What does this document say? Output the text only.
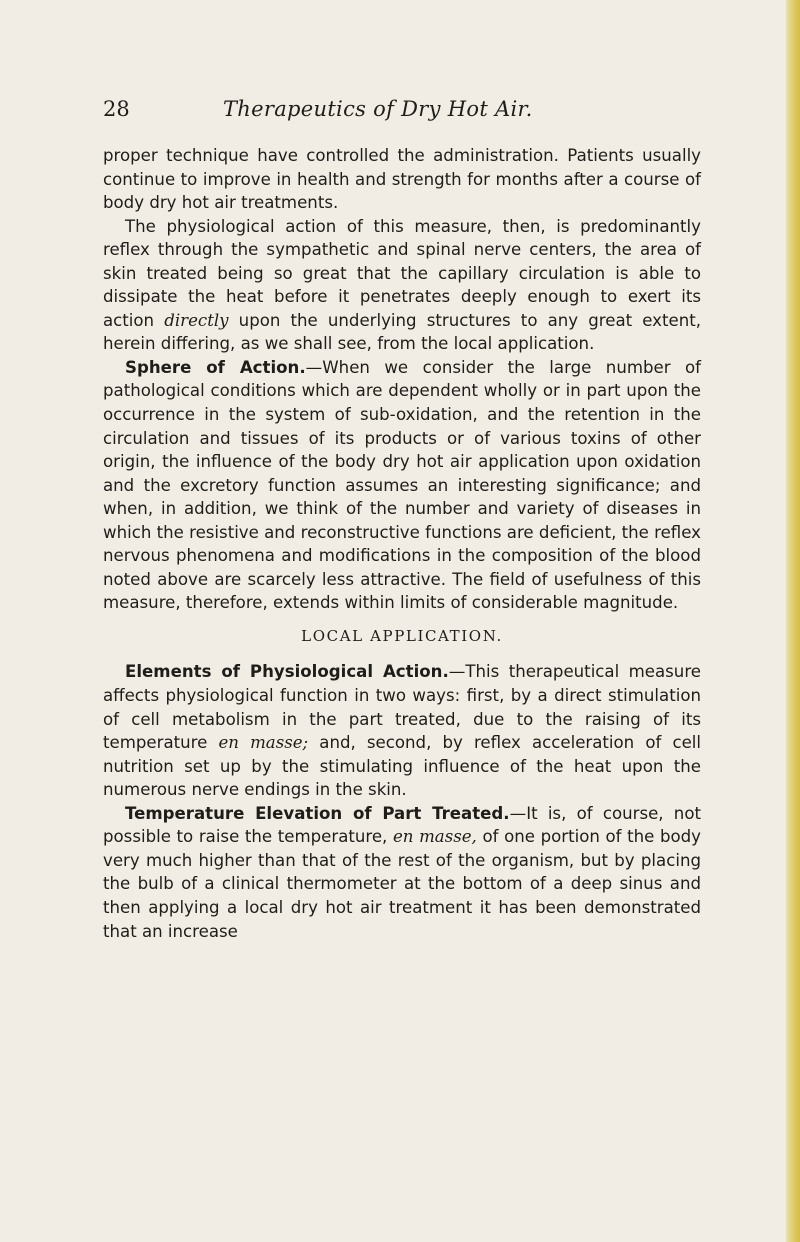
28	Therapeutics of Dry Hot Air.

proper technique have controlled the administration. Patients usually continue to improve in health and strength for months after a course of body dry hot air treatments.

The physiological action of this measure, then, is predominantly reflex through the sympathetic and spinal nerve centers, the area of skin treated being so great that the capillary circulation is able to dissipate the heat before it penetrates deeply enough to exert its action directly upon the underlying structures to any great extent, herein differing, as we shall see, from the local application.

Sphere of Action.—When we consider the large number of pathological conditions which are dependent wholly or in part upon the occurrence in the system of sub-oxidation, and the retention in the circulation and tissues of its products or of various toxins of other origin, the influence of the body dry hot air application upon oxidation and the excretory function assumes an interesting significance; and when, in addition, we think of the number and variety of diseases in which the resistive and reconstructive functions are deficient, the reflex nervous phenomena and modifications in the composition of the blood noted above are scarcely less attractive. The field of usefulness of this measure, therefore, extends within limits of considerable magnitude.

LOCAL APPLICATION.

Elements of Physiological Action.—This therapeutical measure affects physiological function in two ways: first, by a direct stimulation of cell metabolism in the part treated, due to the raising of its temperature en masse; and, second, by reflex acceleration of cell nutrition set up by the stimulating influence of the heat upon the numerous nerve endings in the skin.

Temperature Elevation of Part Treated.—It is, of course, not possible to raise the temperature, en masse, of one portion of the body very much higher than that of the rest of the organism, but by placing the bulb of a clinical thermometer at the bottom of a deep sinus and then applying a local dry hot air treatment it has been demonstrated that an increase
